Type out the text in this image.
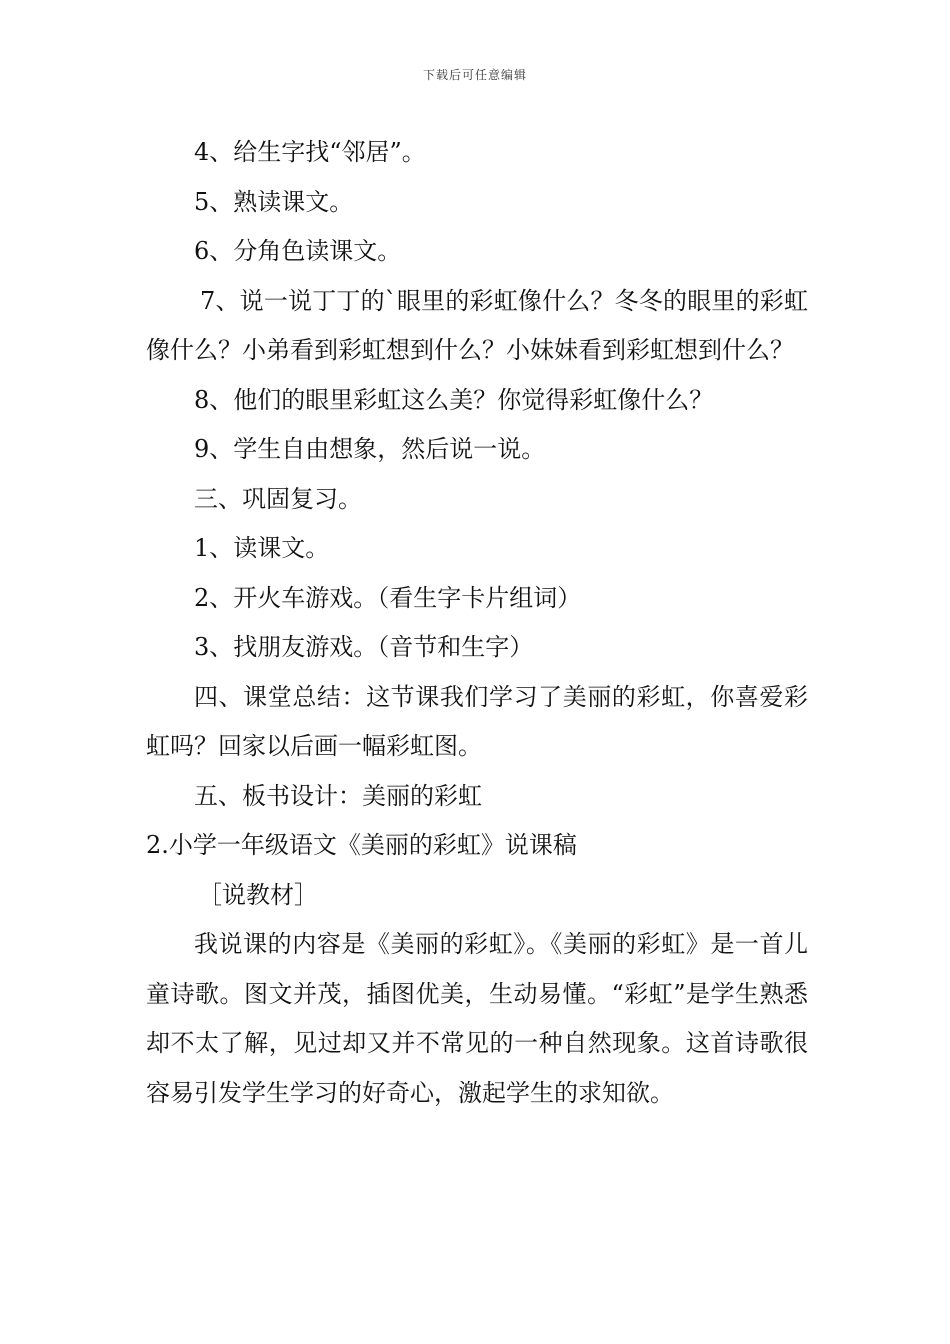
下载后可任意编辑

4、给生字找“邻居”。

5、熟读课文。

6、分角色读课文。

7、说一说丁丁的`眼里的彩虹像什么？冬冬的眼里的彩虹像什么？小弟看到彩虹想到什么？小妹妹看到彩虹想到什么？

8、他们的眼里彩虹这么美？你觉得彩虹像什么？

9、学生自由想象，然后说一说。

三、巩固复习。

1、读课文。

2、开火车游戏。（看生字卡片组词）

3、找朋友游戏。（音节和生字）

四、课堂总结：这节课我们学习了美丽的彩虹，你喜爱彩虹吗？回家以后画一幅彩虹图。

五、板书设计：美丽的彩虹

2.小学一年级语文《美丽的彩虹》说课稿

［说教材］

我说课的内容是《美丽的彩虹》。《美丽的彩虹》是一首儿童诗歌。图文并茂，插图优美，生动易懂。“彩虹”是学生熟悉却不太了解，见过却又并不常见的一种自然现象。这首诗歌很容易引发学生学习的好奇心，激起学生的求知欲。
